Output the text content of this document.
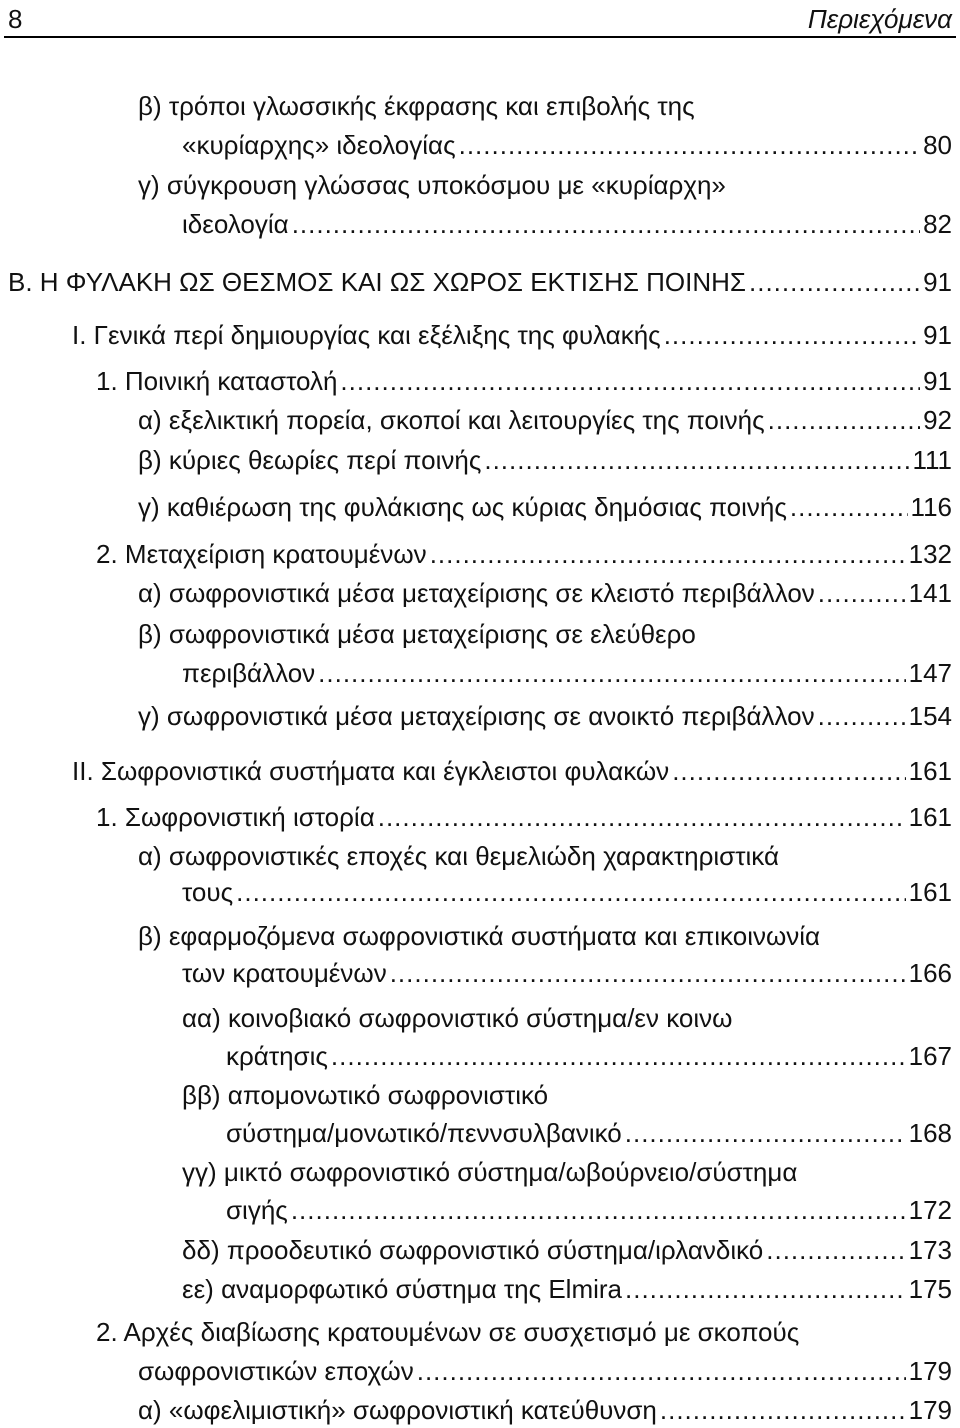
8	Περιεχόμενα
β) τρόποι γλωσσικής έκφρασης και επιβολής της
«κυρίαρχης» ιδεολογίας .....	80
γ) σύγκρουση γλώσσας υποκόσμου με «κυρίαρχη»
ιδεολογία .....	82
Β. Η ΦΥΛΑΚΗ ΩΣ ΘΕΣΜΟΣ ΚΑΙ ΩΣ ΧΩΡΟΣ ΕΚΤΙΣΗΣ ΠΟΙΝΗΣ .....	91
Ι. Γενικά περί δημιουργίας και εξέλιξης της φυλακής .....	91
1. Ποινική καταστολή .....	91
α) εξελικτική πορεία, σκοποί και λειτουργίες της ποινής .....	92
β) κύριες θεωρίες περί ποινής .....	111
γ) καθιέρωση της φυλάκισης ως κύριας δημόσιας ποινής .....	116
2. Μεταχείριση κρατουμένων .....	132
α) σωφρονιστικά μέσα μεταχείρισης σε κλειστό περιβάλλον .....	141
β) σωφρονιστικά μέσα μεταχείρισης σε ελεύθερο
περιβάλλον .....	147
γ) σωφρονιστικά μέσα μεταχείρισης σε ανοικτό περιβάλλον .....	154
ΙΙ. Σωφρονιστικά συστήματα και έγκλειστοι φυλακών .....	161
1. Σωφρονιστική ιστορία .....	161
α) σωφρονιστικές εποχές και θεμελιώδη χαρακτηριστικά
τους .....	161
β) εφαρμοζόμενα σωφρονιστικά συστήματα και επικοινωνία
των κρατουμένων .....	166
αα) κοινοβιακό σωφρονιστικό σύστημα/εν κοινω
κράτησις .....	167
ββ) απομονωτικό σωφρονιστικό
σύστημα/μονωτικό/πεννσυλβανικό .....	168
γγ) μικτό σωφρονιστικό σύστημα/ωβούρνειο/σύστημα
σιγής .....	172
δδ) προοδευτικό σωφρονιστικό σύστημα/ιρλανδικό .....	173
εε) αναμορφωτικό σύστημα της Elmira .....	175
2. Αρχές διαβίωσης κρατουμένων σε συσχετισμό με σκοπούς
σωφρονιστικών εποχών .....	179
α) «ωφελιμιστική» σωφρονιστική κατεύθυνση .....	179
